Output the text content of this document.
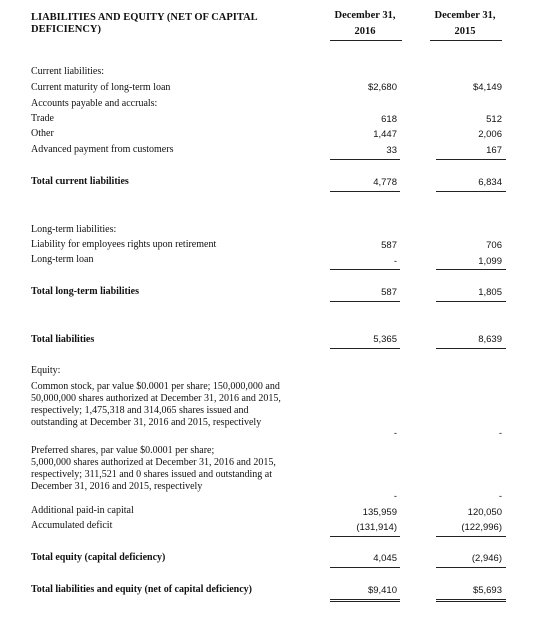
LIABILITIES AND EQUITY (NET OF CAPITAL
DEFICIENCY)
December 31,
2016
December 31,
2015
Current liabilities:
Current maturity of long-term loan	$2,680	$4,149
Accounts payable and accruals:
Trade	618	512
Other	1,447	2,006
Advanced payment from customers	33	167
Total current liabilities	4,778	6,834
Long-term liabilities:
Liability for employees rights upon retirement	587	706
Long-term loan	-	1,099
Total long-term liabilities	587	1,805
Total liabilities	5,365	8,639
Equity:
Common stock, par value $0.0001 per share; 150,000,000 and
50,000,000 shares authorized at December 31, 2016 and 2015,
respectively; 1,475,318 and 314,065 shares issued and
outstanding at December 31, 2016 and 2015, respectively
-	-
Preferred shares, par value $0.0001 per share;
5,000,000 shares authorized at December 31, 2016 and 2015,
respectively; 311,521 and 0 shares issued and outstanding at
December 31, 2016 and 2015, respectively
-	-
Additional paid-in capital	135,959	120,050
Accumulated deficit	(131,914)	(122,996)
Total equity (capital deficiency)	4,045	(2,946)
Total liabilities and equity (net of capital deficiency)	$9,410	$5,693
